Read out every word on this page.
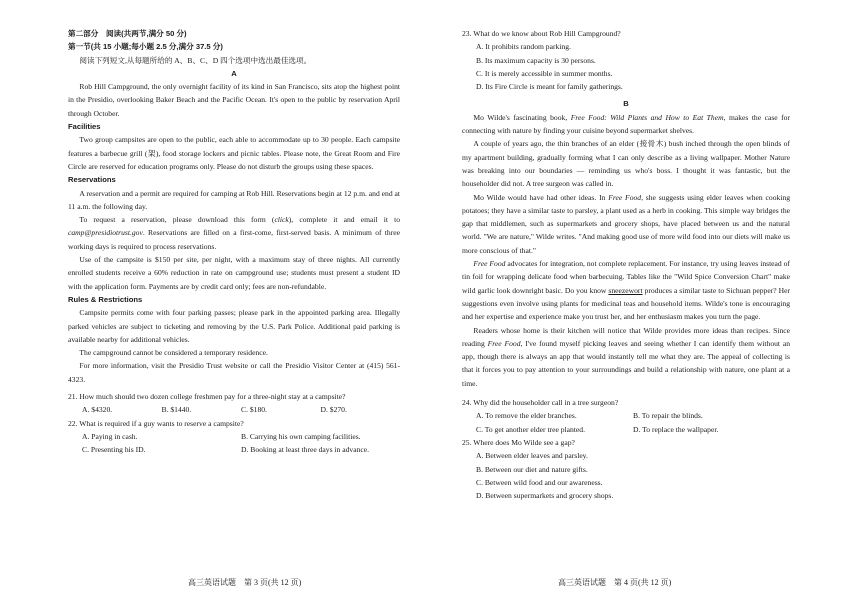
第二部分　阅读(共两节,满分 50 分)

第一节(共 15 小题;每小题 2.5 分,满分 37.5 分)

阅读下列短文,从每题所给的 A、B、C、D 四个选项中选出最佳选项。

A

Rob Hill Campground, the only overnight facility of its kind in San Francisco, sits atop the highest point in the Presidio, overlooking Baker Beach and the Pacific Ocean. It's open to the public by reservation April through October.

Facilities

Two group campsites are open to the public, each able to accommodate up to 30 people. Each campsite features a barbecue grill (架), food storage lockers and picnic tables. Please note, the Great Room and Fire Circle are reserved for education programs only. Please do not disturb the groups using these spaces.

Reservations

A reservation and a permit are required for camping at Rob Hill. Reservations begin at 12 p.m. and end at 11 a.m. the following day.

To request a reservation, please download this form (click), complete it and email it to camp@presidiotrust.gov. Reservations are filled on a first-come, first-served basis. A minimum of three working days is required to process reservations.

Use of the campsite is $150 per site, per night, with a maximum stay of three nights. All currently enrolled students receive a 60% reduction in rate on campground use; students must present a student ID with the application form. Payments are by credit card only; fees are non-refundable.

Rules & Restrictions

Campsite permits come with four parking passes; please park in the appointed parking area. Illegally parked vehicles are subject to ticketing and removing by the U.S. Park Police. Additional paid parking is available nearby for additional vehicles.

The campground cannot be considered a temporary residence.

For more information, visit the Presidio Trust website or call the Presidio Visitor Center at (415) 561-4323.

21. How much should two dozen college freshmen pay for a three-night stay at a campsite?

A. $4320.	B. $1440.	C. $180.	D. $270.

22. What is required if a guy wants to reserve a campsite?

A. Paying in cash.	B. Carrying his own camping facilities.
C. Presenting his ID.	D. Booking at least three days in advance.
高三英语试题　第 3 页(共 12 页)

23. What do we know about Rob Hill Campground?

A. It prohibits random parking.

B. Its maximum capacity is 30 persons.

C. It is merely accessible in summer months.

D. Its Fire Circle is meant for family gatherings.

B

Mo Wilde's fascinating book, Free Food: Wild Plants and How to Eat Them, makes the case for connecting with nature by finding your cuisine beyond supermarket shelves.

A couple of years ago, the thin branches of an elder (接骨木) bush inched through the open blinds of my apartment building, gradually forming what I can only describe as a living wallpaper. Mother Nature was breaking into our boundaries — reminding us who's boss. I thought it was fantastic, but the householder did not. A tree surgeon was called in.

Mo Wilde would have had other ideas. In Free Food, she suggests using elder leaves when cooking potatoes; they have a similar taste to parsley, a plant used as a herb in cooking. This simple way bridges the gap that middlemen, such as supermarkets and grocery shops, have placed between us and the natural world. "We are nature," Wilde writes. "And making good use of more wild food into our diets will make us more conscious of that."

Free Food advocates for integration, not complete replacement. For instance, try using leaves instead of tin foil for wrapping delicate food when barbecuing. Tables like the "Wild Spice Conversion Chart" make wild garlic look downright basic. Do you know sneezewort produces a similar taste to Sichuan pepper? Her suggestions even involve using plants for medicinal teas and household items. Wilde's tone is encouraging and her expertise and experience make you trust her, and her enthusiasm makes you turn the page.

Readers whose home is their kitchen will notice that Wilde provides more ideas than recipes. Since reading Free Food, I've found myself picking leaves and seeing whether I can identify them without an app, though there is always an app that would instantly tell me what they are. The appeal of collecting is that it forces you to pay attention to your surroundings and build a relationship with nature, one plant at a time.

24. Why did the householder call in a tree surgeon?

A. To remove the elder branches.	B. To repair the blinds.
C. To get another elder tree planted.	D. To replace the wallpaper.

25. Where does Mo Wilde see a gap?

A. Between elder leaves and parsley.

B. Between our diet and nature gifts.

C. Between wild food and our awareness.

D. Between supermarkets and grocery shops.

高三英语试题　第 4 页(共 12 页)
